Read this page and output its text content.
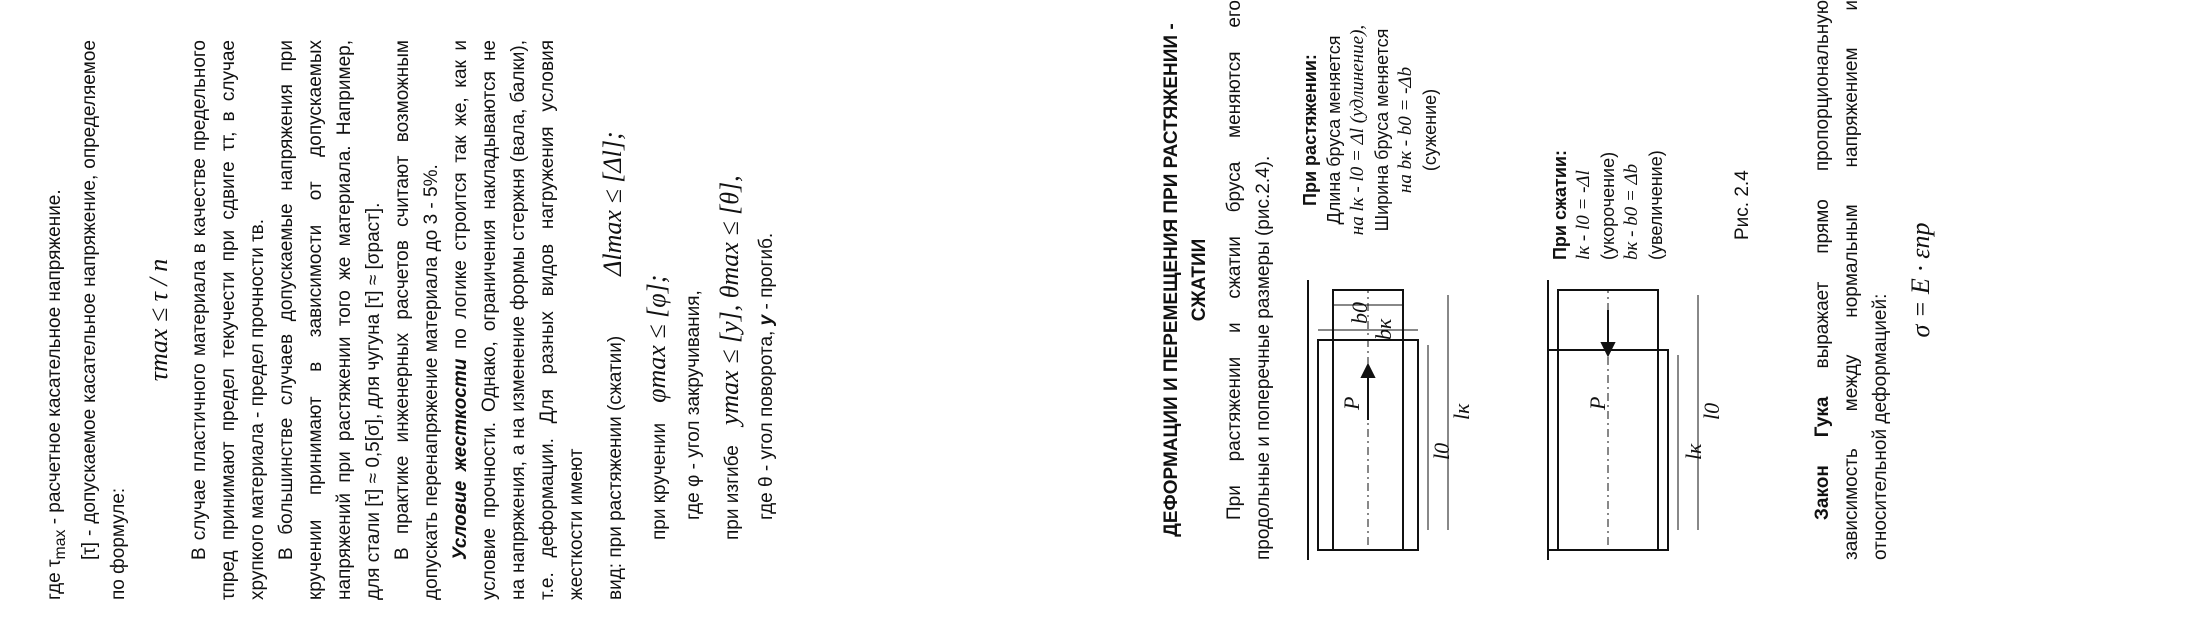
где $\tau_{max}$ - расчетное касательное напряжение. [τ] - допускаемое касательное напряжение, определяемое по формуле:

τmax ≤ τ / n В случае пластичного материала в качестве предельного τпред принимают предел текучести при сдвиге τт, в случае хрупкого материала - предел прочности τв. В большинстве случаев допускаемые напряжения при кручении принимают в зависимости от допускаемых напряжений при растяжении того же материала. Например, для стали [τ] ≈ 0,5[σ], для чугуна [τ] ≈ [σраст]. В практике инженерных расчетов считают возможным допускать перенапряжение материала до 3 - 5%. Условие жесткости по логике строится так же, как и условие прочности. Однако, ограничения накладываются не на напряжения, а на изменение формы стержня (вала, балки), т.е. деформации. Для разных видов нагружения условия жесткости имеют вид: при растяжении (сжатии)
Δlmax ≤ [Δl];
при кручении
φmax ≤ [φ]; где φ - угол закручивания, при изгибе
ymax ≤ [y], θmax ≤ [θ], где θ - угол поворота, y - прогиб.	ДЕФОРМАЦИИ И ПЕРЕМЕЩЕНИЯ ПРИ РАСТЯЖЕНИИ - СЖАТИИ При растяжении и сжатии бруса меняются его продольные и поперечные размеры (рис.2.4).	P
l0
lк
b0
bк
При растяжении: Длина бруса меняется на lк - l0 = Δl (удлинение), Ширина бруса меняется на bк - b0 = -Δb (сужение)
P
lк
l0
При сжатии: lк - l0 = -Δl (укорочение) bк - b0 = Δb (увеличение)	Рис. 2.4

Закон Гука выражает прямо пропорциональную зависимость между нормальным напряжением и относительной деформацией:

σ = E · εпр
